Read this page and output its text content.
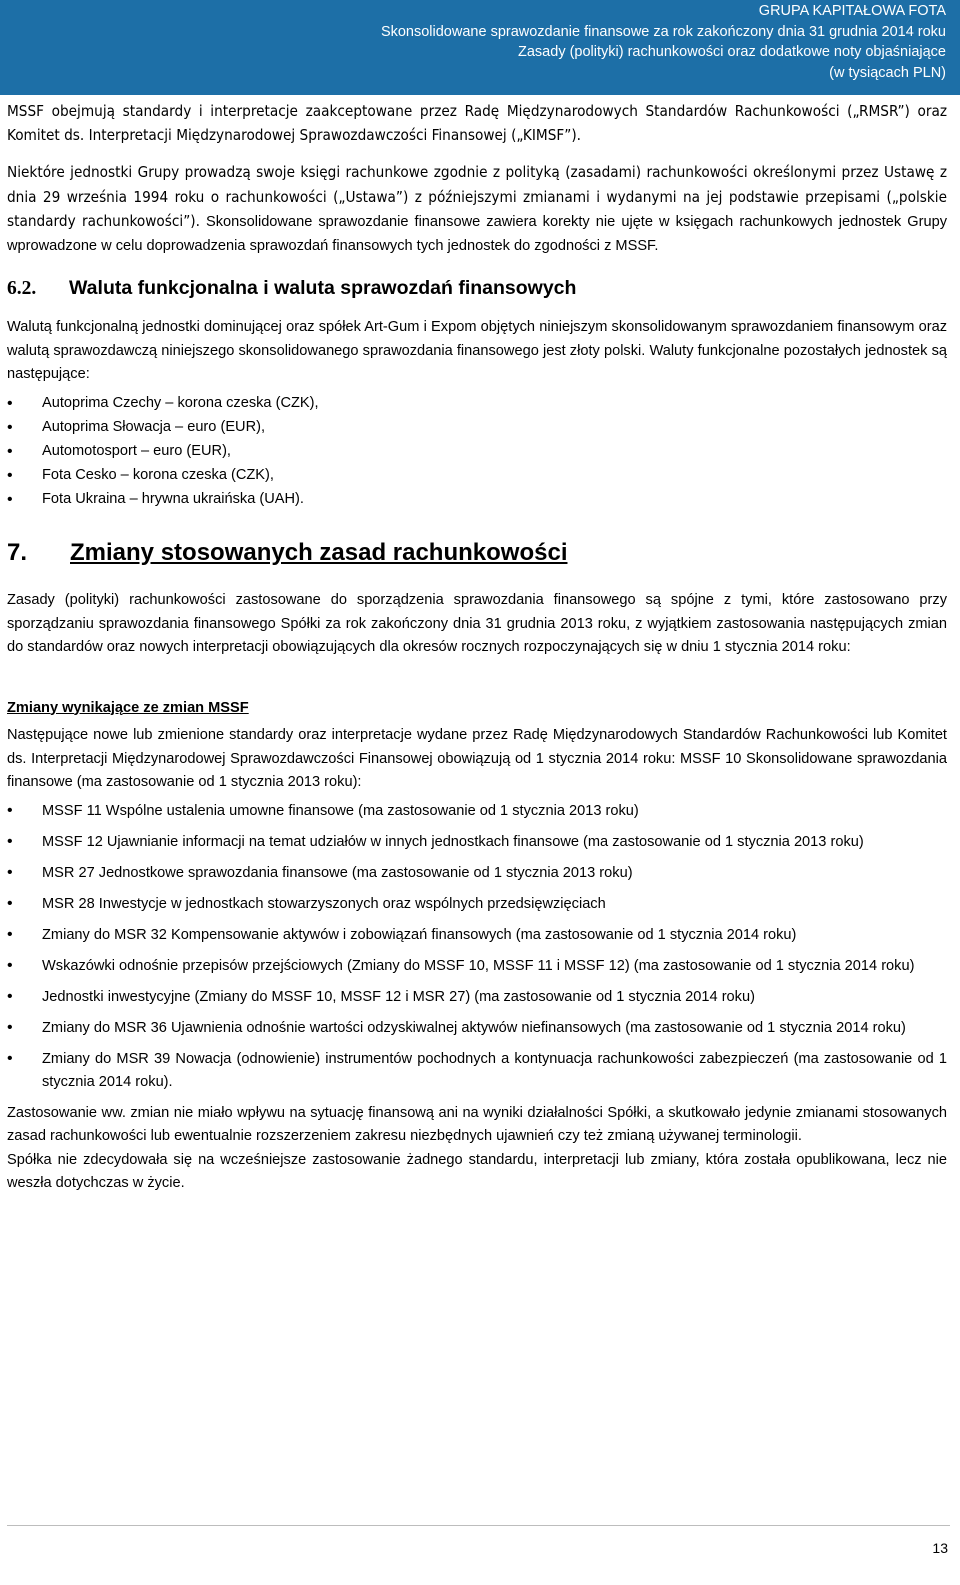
GRUPA KAPITAŁOWA FOTA
Skonsolidowane sprawozdanie finansowe za rok zakończony dnia 31 grudnia 2014 roku
Zasady (polityki) rachunkowości oraz dodatkowe noty objaśniające
(w tysiącach PLN)

MSSF obejmują standardy i interpretacje zaakceptowane przez Radę Międzynarodowych Standardów Rachunkowości („RMSR”) oraz Komitet ds. Interpretacji Międzynarodowej Sprawozdawczości Finansowej („KIMSF”).

Niektóre jednostki Grupy prowadzą swoje księgi rachunkowe zgodnie z polityką (zasadami) rachunkowości określonymi przez Ustawę z dnia 29 września 1994 roku o rachunkowości („Ustawa”) z późniejszymi zmianami i wydanymi na jej podstawie przepisami („polskie standardy rachunkowości”). Skonsolidowane sprawozdanie finansowe zawiera korekty nie ujęte w księgach rachunkowych jednostek Grupy wprowadzone w celu doprowadzenia sprawozdań finansowych tych jednostek do zgodności z MSSF.

6.2. Waluta funkcjonalna i waluta sprawozdań finansowych

Walutą funkcjonalną jednostki dominującej oraz spółek Art-Gum i Expom objętych niniejszym skonsolidowanym sprawozdaniem finansowym oraz walutą sprawozdawczą niniejszego skonsolidowanego sprawozdania finansowego jest złoty polski. Waluty funkcjonalne pozostałych jednostek są następujące:

• Autoprima Czechy – korona czeska (CZK),
• Autoprima Słowacja – euro (EUR),
• Automotosport – euro (EUR),
• Fota Cesko – korona czeska (CZK),
• Fota Ukraina – hrywna ukraińska (UAH).
7. Zmiany stosowanych zasad rachunkowości

Zasady (polityki) rachunkowości zastosowane do sporządzenia sprawozdania finansowego są spójne z tymi, które zastosowano przy sporządzaniu sprawozdania finansowego Spółki za rok zakończony dnia 31 grudnia 2013 roku, z wyjątkiem zastosowania następujących zmian do standardów oraz nowych interpretacji obowiązujących dla okresów rocznych rozpoczynających się w dniu 1 stycznia 2014 roku:

Zmiany wynikające ze zmian MSSF

Następujące nowe lub zmienione standardy oraz interpretacje wydane przez Radę Międzynarodowych Standardów Rachunkowości lub Komitet ds. Interpretacji Międzynarodowej Sprawozdawczości Finansowej obowiązują od 1 stycznia 2014 roku: MSSF 10 Skonsolidowane sprawozdania finansowe (ma zastosowanie od 1 stycznia 2013 roku):

• MSSF 11 Wspólne ustalenia umowne finansowe (ma zastosowanie od 1 stycznia 2013 roku)
• MSSF 12 Ujawnianie informacji na temat udziałów w innych jednostkach finansowe (ma zastosowanie od 1 stycznia 2013 roku)
• MSR 27 Jednostkowe sprawozdania finansowe (ma zastosowanie od 1 stycznia 2013 roku)
• MSR 28 Inwestycje w jednostkach stowarzyszonych oraz wspólnych przedsięwzięciach
• Zmiany do MSR 32 Kompensowanie aktywów i zobowiązań finansowych (ma zastosowanie od 1 stycznia 2014 roku)
• Wskazówki odnośnie przepisów przejściowych (Zmiany do MSSF 10, MSSF 11 i MSSF 12) (ma zastosowanie od 1 stycznia 2014 roku)
• Jednostki inwestycyjne (Zmiany do MSSF 10, MSSF 12 i MSR 27) (ma zastosowanie od 1 stycznia 2014 roku)
• Zmiany do MSR 36 Ujawnienia odnośnie wartości odzyskiwalnej aktywów niefinansowych (ma zastosowanie od 1 stycznia 2014 roku)
• Zmiany do MSR 39 Nowacja (odnowienie) instrumentów pochodnych a kontynuacja rachunkowości zabezpieczeń (ma zastosowanie od 1 stycznia 2014 roku).

Zastosowanie ww. zmian nie miało wpływu na sytuację finansową ani na wyniki działalności Spółki, a skutkowało jedynie zmianami stosowanych zasad rachunkowości lub ewentualnie rozszerzeniem zakresu niezbędnych ujawnień czy też zmianą używanej terminologii.

Spółka nie zdecydowała się na wcześniejsze zastosowanie żadnego standardu, interpretacji lub zmiany, która została opublikowana, lecz nie weszła dotychczas w życie.

13
